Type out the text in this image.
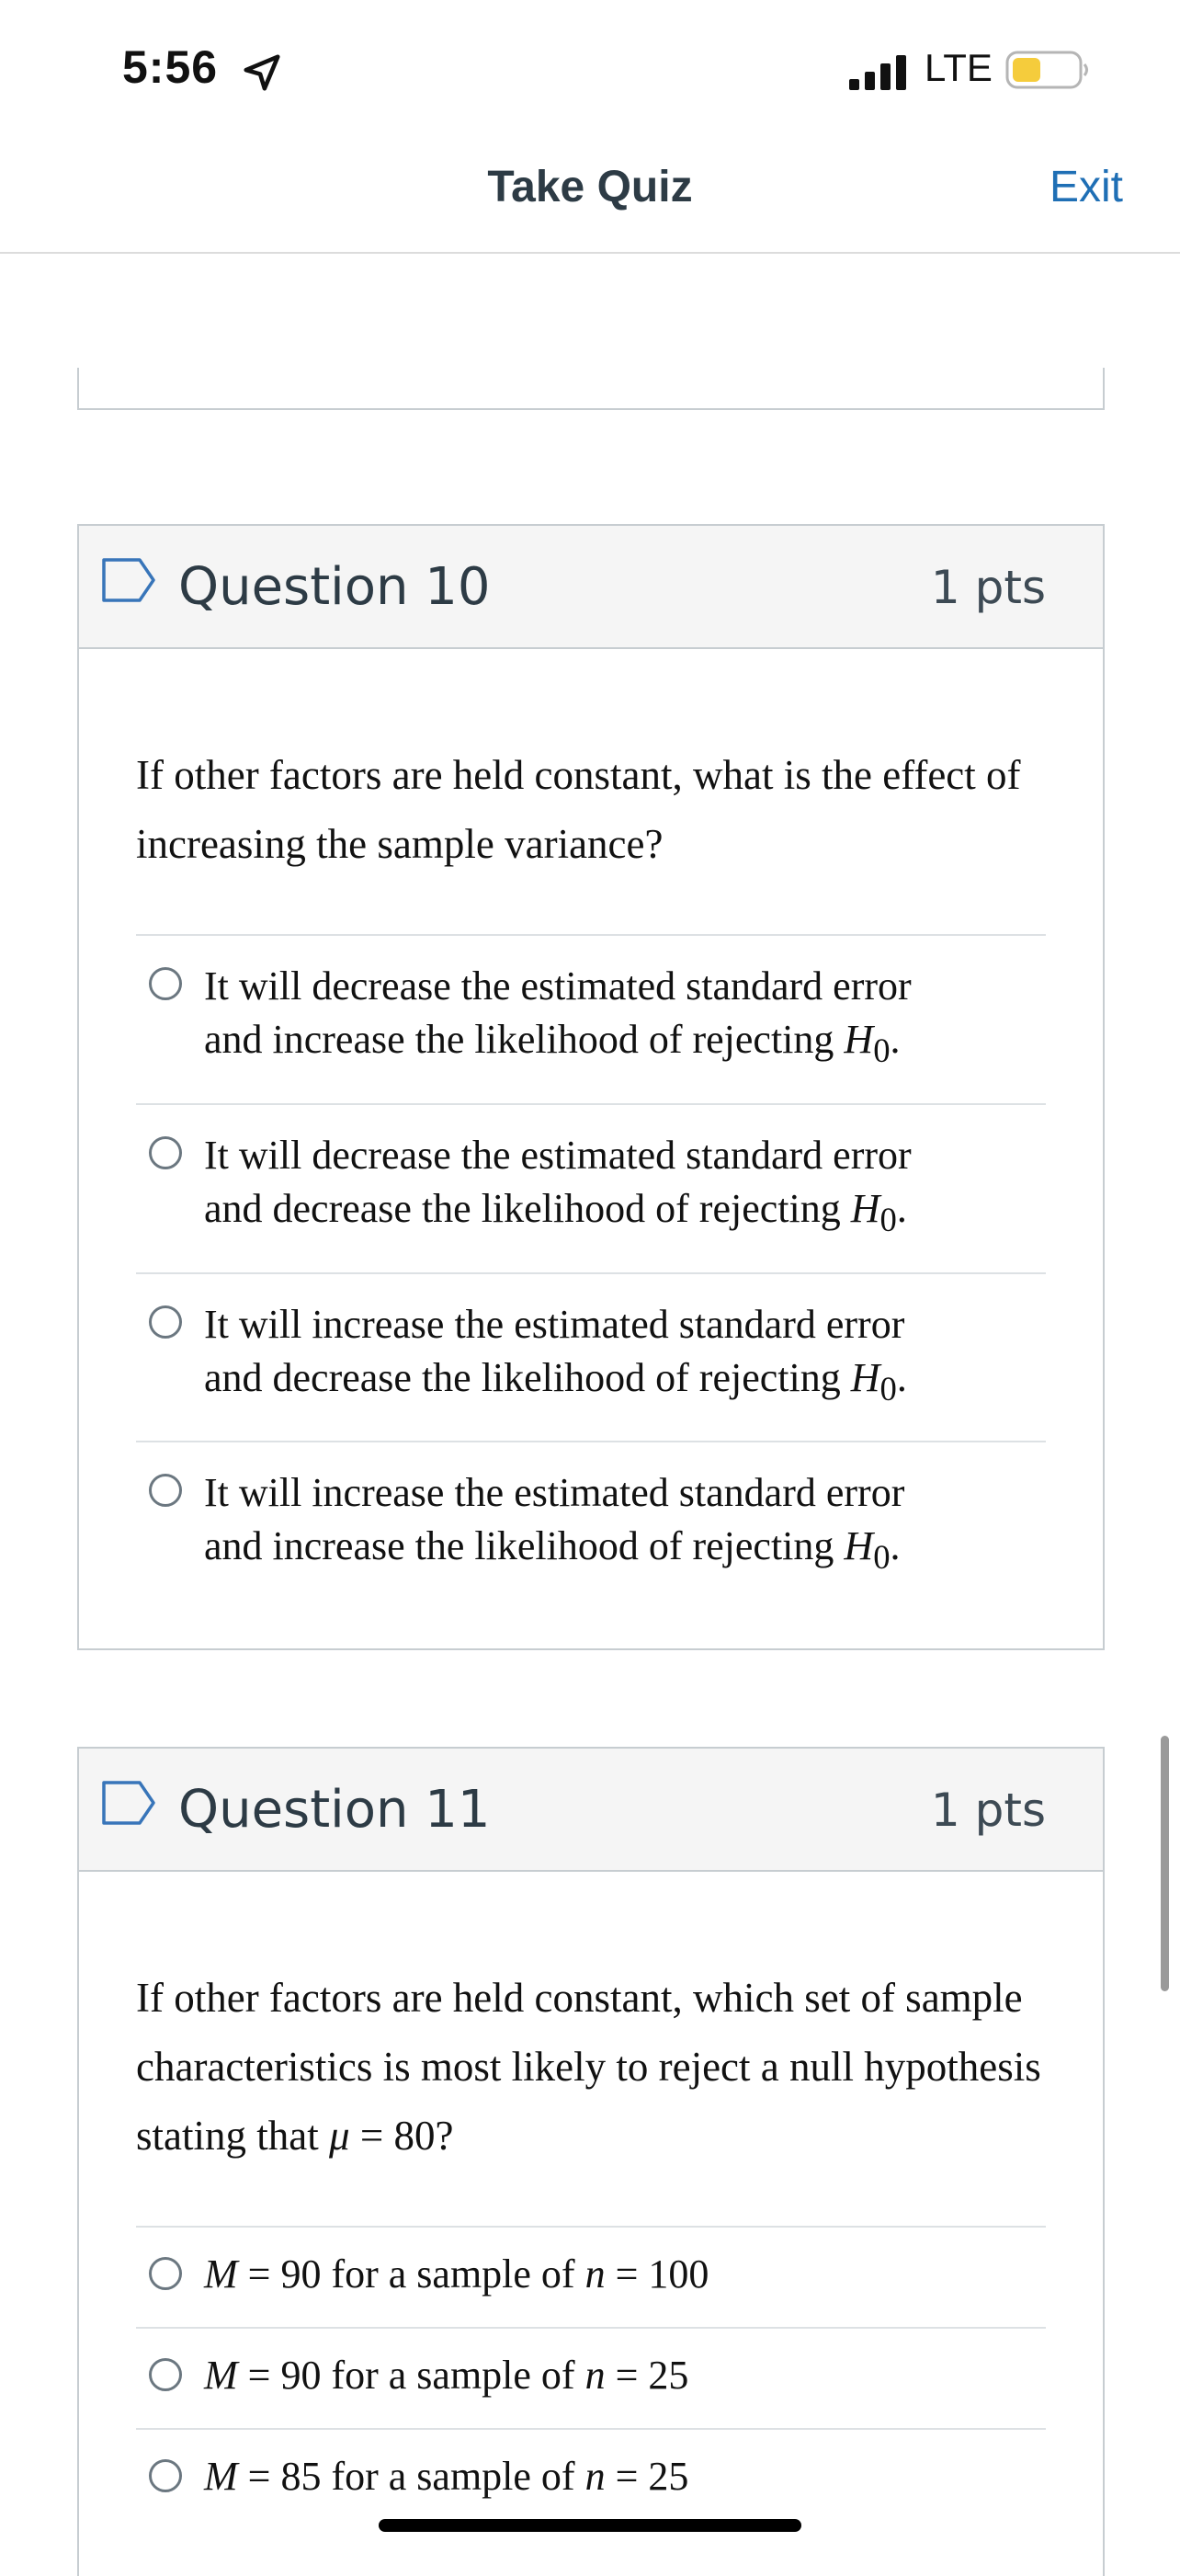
5:56	LTE
Take Quiz	Exit
Question 10	1 pts
If other factors are held constant, what is the effect of increasing the sample variance?
It will decrease the estimated standard error
and increase the likelihood of rejecting $H_0$.
It will decrease the estimated standard error
and decrease the likelihood of rejecting $H_0$.
It will increase the estimated standard error
and decrease the likelihood of rejecting $H_0$.
It will increase the estimated standard error
and increase the likelihood of rejecting $H_0$.
Question 11	1 pts
If other factors are held constant, which set of sample characteristics is most likely to reject a null hypothesis stating that μ = 80?
M = 90 for a sample of n = 100
M = 90 for a sample of n = 25
M = 85 for a sample of n = 25
